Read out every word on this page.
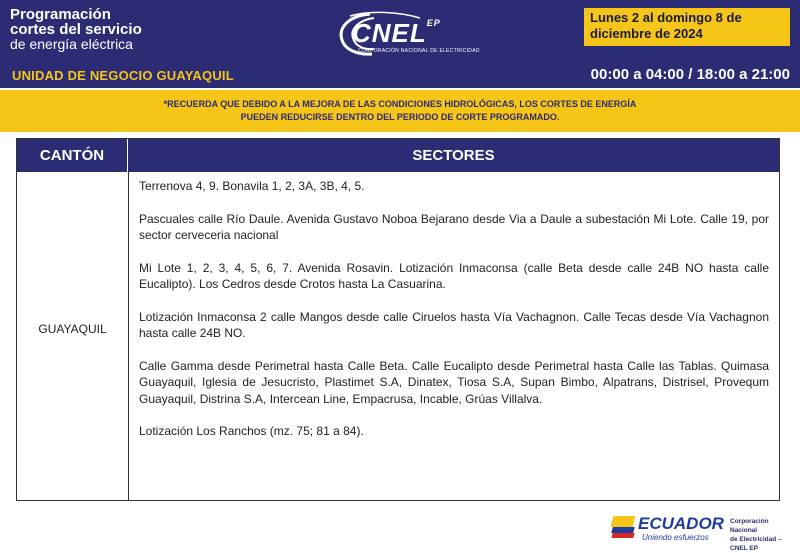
Programación
cortes del servicio
de energía eléctrica
UNIDAD DE NEGOCIO GUAYAQUIL
$CNEL^{EP}$
CORPORACIÓN NACIONAL DE ELECTRICIDAD
Lunes 2 al domingo 8 de diciembre de 2024
00:00 a 04:00 / 18:00 a 21:00
*RECUERDA QUE DEBIDO A LA MEJORA DE LAS CONDICIONES HIDROLÓGICAS, LOS CORTES DE ENERGÍA
PUEDEN REDUCIRSE DENTRO DEL PERIODO DE CORTE PROGRAMADO.
CANTÓN	SECTORES
GUAYAQUIL

Terrenova 4, 9. Bonavila 1, 2, 3A, 3B, 4, 5.

Pascuales calle Río Daule. Avenida Gustavo Noboa Bejarano desde Via a Daule a subestación Mi Lote. Calle 19, por sector cerveceria nacional

Mi Lote 1, 2, 3, 4, 5, 6, 7. Avenida Rosavin. Lotización Inmaconsa (calle Beta desde calle 24B NO hasta calle Eucalipto). Los Cedros desde Crotos hasta La Casuarina.

Lotización Inmaconsa 2 calle Mangos desde calle Ciruelos hasta Vía Vachagnon. Calle Tecas desde Vía Vachagnon hasta calle 24B NO.

Calle Gamma desde Perimetral hasta Calle Beta. Calle Eucalipto desde Perimetral hasta Calle las Tablas. Quimasa Guayaquil, Iglesia de Jesucristo, Plastimet S.A, Dinatex, Tiosa S.A, Supan Bimbo, Alpatrans, Distrisel, Provequm Guayaquil, Distrina S.A, Intercean Line, Empacrusa, Incable, Grúas Villalva.

Lotización Los Ranchos (mz. 75; 81 a 84).

ECUADOR
Uniendo esfuerzos
Corporación Nacional
de Electricidad – CNEL EP
